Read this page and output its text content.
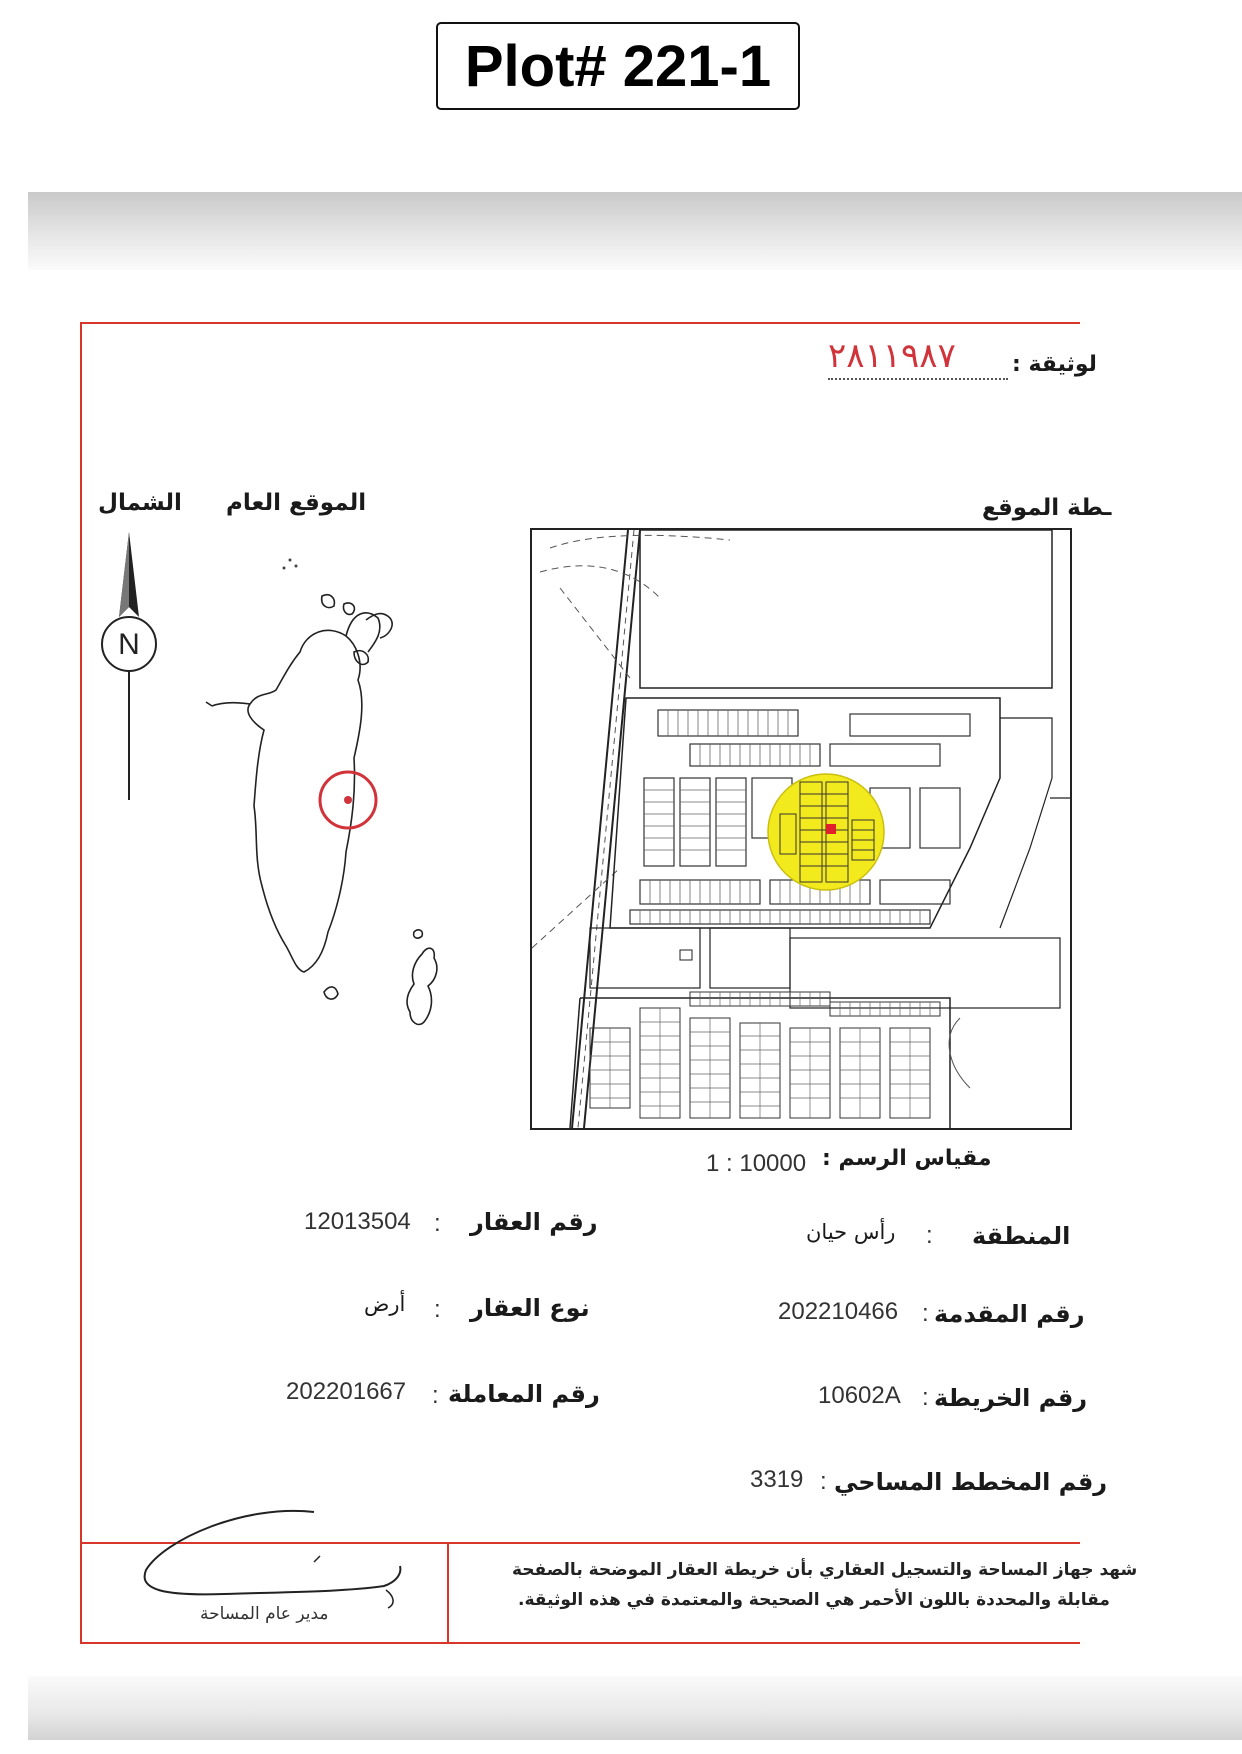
Plot# 221-1
٢٨١١٩٨٧	لوثيقة :
الشمال الموقع العام	ـطة الموقع
N
مقياس الرسم :
1 : 10000
المنطقة
:
رأس حيان
رقم المقدمة
:
202210466
رقم الخريطة
:
10602A
رقم المخطط المساحي
:
3319
رقم العقار
:
12013504
نوع العقار
:
أرض
رقم المعاملة
:
202201667
مدير عام المساحة
شهد جهاز المساحة والتسجيل العقاري بأن خريطة العقار الموضحة بالصفحة
مقابلة والمحددة باللون الأحمر هي الصحيحة والمعتمدة في هذه الوثيقة.
